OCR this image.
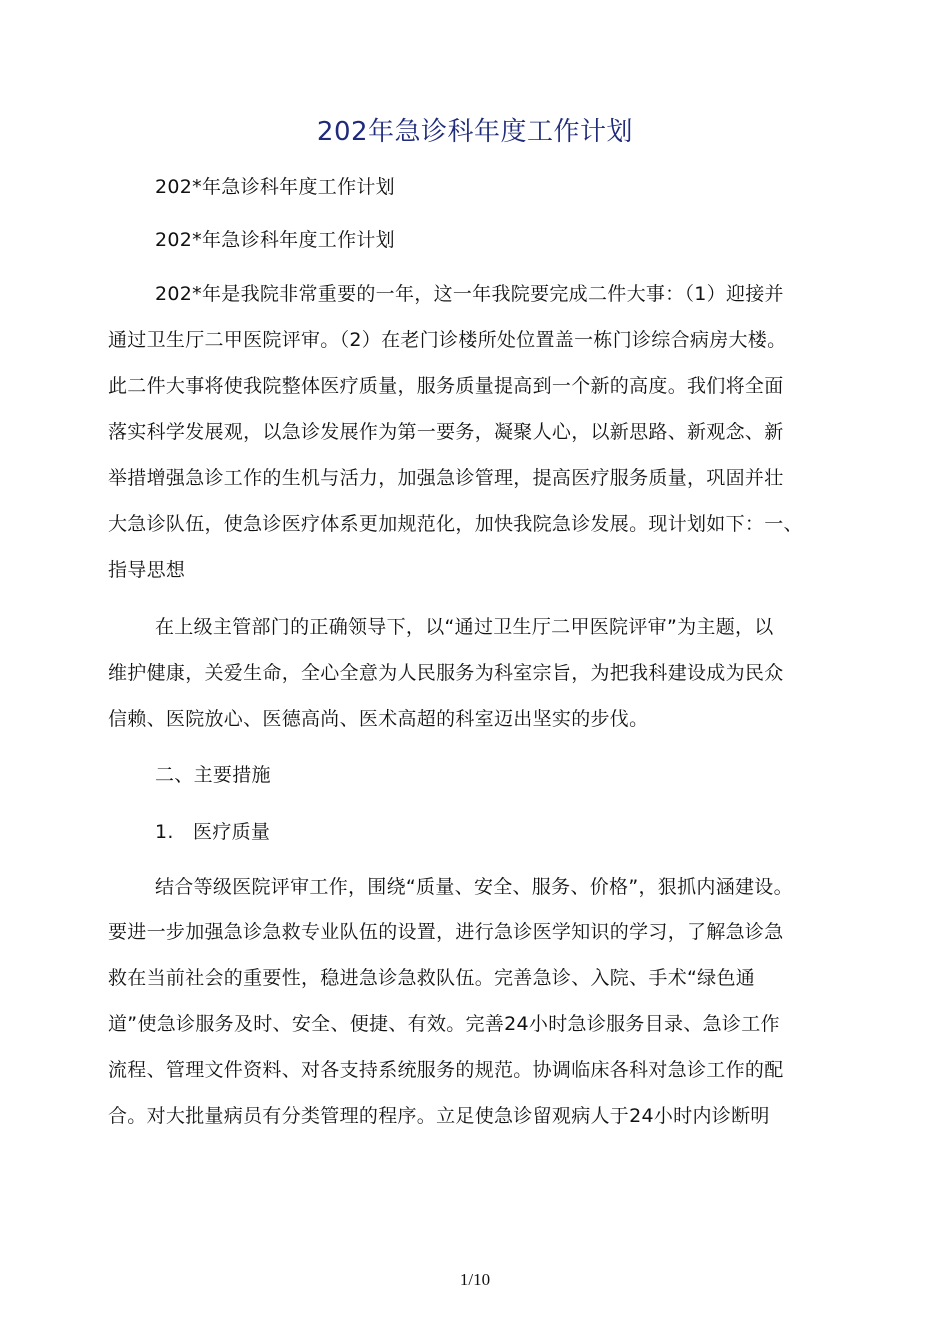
202年急诊科年度工作计划
202*年急诊科年度工作计划
202*年急诊科年度工作计划
202*年是我院非常重要的一年，这一年我院要完成二件大事：（1）迎接并
通过卫生厅二甲医院评审。（2）在老门诊楼所处位置盖一栋门诊综合病房大楼。
此二件大事将使我院整体医疗质量，服务质量提高到一个新的高度。我们将全面
落实科学发展观，以急诊发展作为第一要务，凝聚人心，以新思路、新观念、新
举措增强急诊工作的生机与活力，加强急诊管理，提高医疗服务质量，巩固并壮
大急诊队伍，使急诊医疗体系更加规范化，加快我院急诊发展。现计划如下：一、
指导思想
在上级主管部门的正确领导下，以“通过卫生厅二甲医院评审”为主题，以
维护健康，关爱生命，全心全意为人民服务为科室宗旨，为把我科建设成为民众
信赖、医院放心、医德高尚、医术高超的科室迈出坚实的步伐。
二、主要措施
1.　医疗质量
结合等级医院评审工作，围绕“质量、安全、服务、价格”，狠抓内涵建设。
要进一步加强急诊急救专业队伍的设置，进行急诊医学知识的学习，了解急诊急
救在当前社会的重要性，稳进急诊急救队伍。完善急诊、入院、手术“绿色通
道”使急诊服务及时、安全、便捷、有效。完善24小时急诊服务目录、急诊工作
流程、管理文件资料、对各支持系统服务的规范。协调临床各科对急诊工作的配
合。对大批量病员有分类管理的程序。立足使急诊留观病人于24小时内诊断明
1/10
